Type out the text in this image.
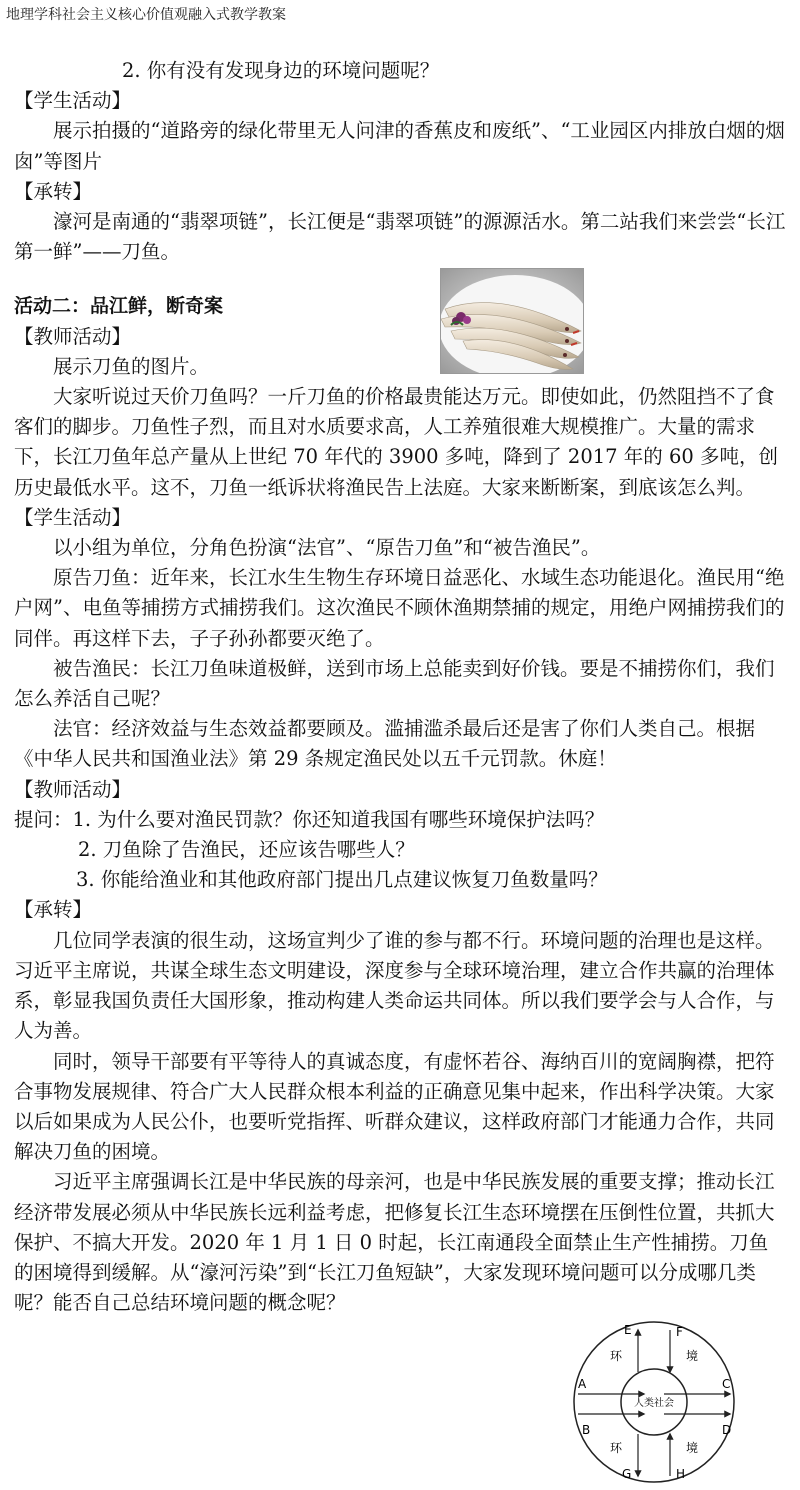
地理学科社会主义核心价值观融入式教学教案

2. 你有没有发现身边的环境问题呢？

【学生活动】

展示拍摄的“道路旁的绿化带里无人问津的香蕉皮和废纸”、“工业园区内排放白烟的烟囱”等图片

【承转】

濠河是南通的“翡翠项链”，长江便是“翡翠项链”的源源活水。第二站我们来尝尝“长江第一鲜”——刀鱼。

活动二：品江鲜，断奇案

【教师活动】

展示刀鱼的图片。

大家听说过天价刀鱼吗？一斤刀鱼的价格最贵能达万元。即使如此，仍然阻挡不了食客们的脚步。刀鱼性子烈，而且对水质要求高，人工养殖很难大规模推广。大量的需求下，长江刀鱼年总产量从上世纪 70 年代的 3900 多吨，降到了 2017 年的 60 多吨，创历史最低水平。这不，刀鱼一纸诉状将渔民告上法庭。大家来断断案，到底该怎么判。

【学生活动】

以小组为单位，分角色扮演“法官”、“原告刀鱼”和“被告渔民”。

原告刀鱼：近年来，长江水生生物生存环境日益恶化、水域生态功能退化。渔民用“绝户网”、电鱼等捕捞方式捕捞我们。这次渔民不顾休渔期禁捕的规定，用绝户网捕捞我们的同伴。再这样下去，子子孙孙都要灭绝了。

被告渔民：长江刀鱼味道极鲜，送到市场上总能卖到好价钱。要是不捕捞你们，我们怎么养活自己呢？

法官：经济效益与生态效益都要顾及。滥捕滥杀最后还是害了你们人类自己。根据《中华人民共和国渔业法》第 29 条规定渔民处以五千元罚款。休庭！

【教师活动】

提问：1. 为什么要对渔民罚款？你还知道我国有哪些环境保护法吗？

2. 刀鱼除了告渔民，还应该告哪些人？

3. 你能给渔业和其他政府部门提出几点建议恢复刀鱼数量吗？

【承转】

几位同学表演的很生动，这场宣判少了谁的参与都不行。环境问题的治理也是这样。习近平主席说，共谋全球生态文明建设，深度参与全球环境治理，建立合作共赢的治理体系，彰显我国负责任大国形象，推动构建人类命运共同体。所以我们要学会与人合作，与人为善。

同时，领导干部要有平等待人的真诚态度，有虚怀若谷、海纳百川的宽阔胸襟，把符合事物发展规律、符合广大人民群众根本利益的正确意见集中起来，作出科学决策。大家以后如果成为人民公仆，也要听党指挥、听群众建议，这样政府部门才能通力合作，共同解决刀鱼的困境。

习近平主席强调长江是中华民族的母亲河，也是中华民族发展的重要支撑；推动长江经济带发展必须从中华民族长远利益考虑，把修复长江生态环境摆在压倒性位置，共抓大保护、不搞大开发。2020 年 1 月 1 日 0 时起，长江南通段全面禁止生产性捕捞。刀鱼的困境得到缓解。从“濠河污染”到“长江刀鱼短缺”，大家发现环境问题可以分成哪几类呢？能否自己总结环境问题的概念呢？

人类社会
环	境
环	境
A
B
C
D
E	F
G	H
